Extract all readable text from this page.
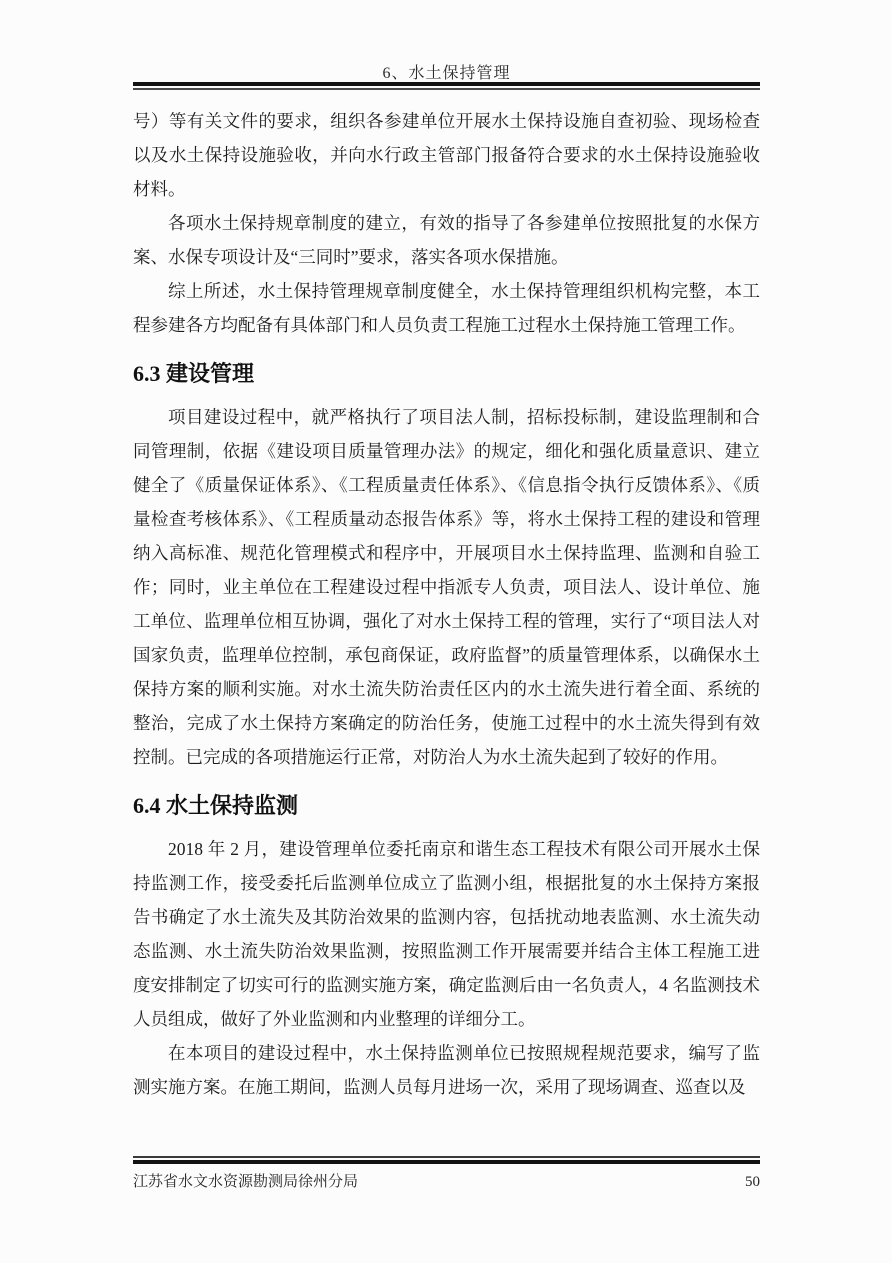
6、水土保持管理

号）等有关文件的要求，组织各参建单位开展水土保持设施自查初验、现场检查以及水土保持设施验收，并向水行政主管部门报备符合要求的水土保持设施验收材料。

各项水土保持规章制度的建立，有效的指导了各参建单位按照批复的水保方案、水保专项设计及“三同时”要求，落实各项水保措施。

综上所述，水土保持管理规章制度健全，水土保持管理组织机构完整，本工程参建各方均配备有具体部门和人员负责工程施工过程水土保持施工管理工作。

6.3 建设管理

项目建设过程中，就严格执行了项目法人制，招标投标制，建设监理制和合同管理制，依据《建设项目质量管理办法》的规定，细化和强化质量意识、建立健全了《质量保证体系》、《工程质量责任体系》、《信息指令执行反馈体系》、《质量检查考核体系》、《工程质量动态报告体系》等，将水土保持工程的建设和管理纳入高标准、规范化管理模式和程序中，开展项目水土保持监理、监测和自验工作；同时，业主单位在工程建设过程中指派专人负责，项目法人、设计单位、施工单位、监理单位相互协调，强化了对水土保持工程的管理，实行了“项目法人对国家负责，监理单位控制，承包商保证，政府监督”的质量管理体系，以确保水土保持方案的顺利实施。对水土流失防治责任区内的水土流失进行着全面、系统的整治，完成了水土保持方案确定的防治任务，使施工过程中的水土流失得到有效控制。已完成的各项措施运行正常，对防治人为水土流失起到了较好的作用。

6.4 水土保持监测

2018 年 2 月，建设管理单位委托南京和谐生态工程技术有限公司开展水土保持监测工作，接受委托后监测单位成立了监测小组，根据批复的水土保持方案报告书确定了水土流失及其防治效果的监测内容，包括扰动地表监测、水土流失动态监测、水土流失防治效果监测，按照监测工作开展需要并结合主体工程施工进度安排制定了切实可行的监测实施方案，确定监测后由一名负责人，4 名监测技术人员组成，做好了外业监测和内业整理的详细分工。

在本项目的建设过程中，水土保持监测单位已按照规程规范要求，编写了监测实施方案。在施工期间，监测人员每月进场一次，采用了现场调查、巡查以及

江苏省水文水资源勘测局徐州分局	50
